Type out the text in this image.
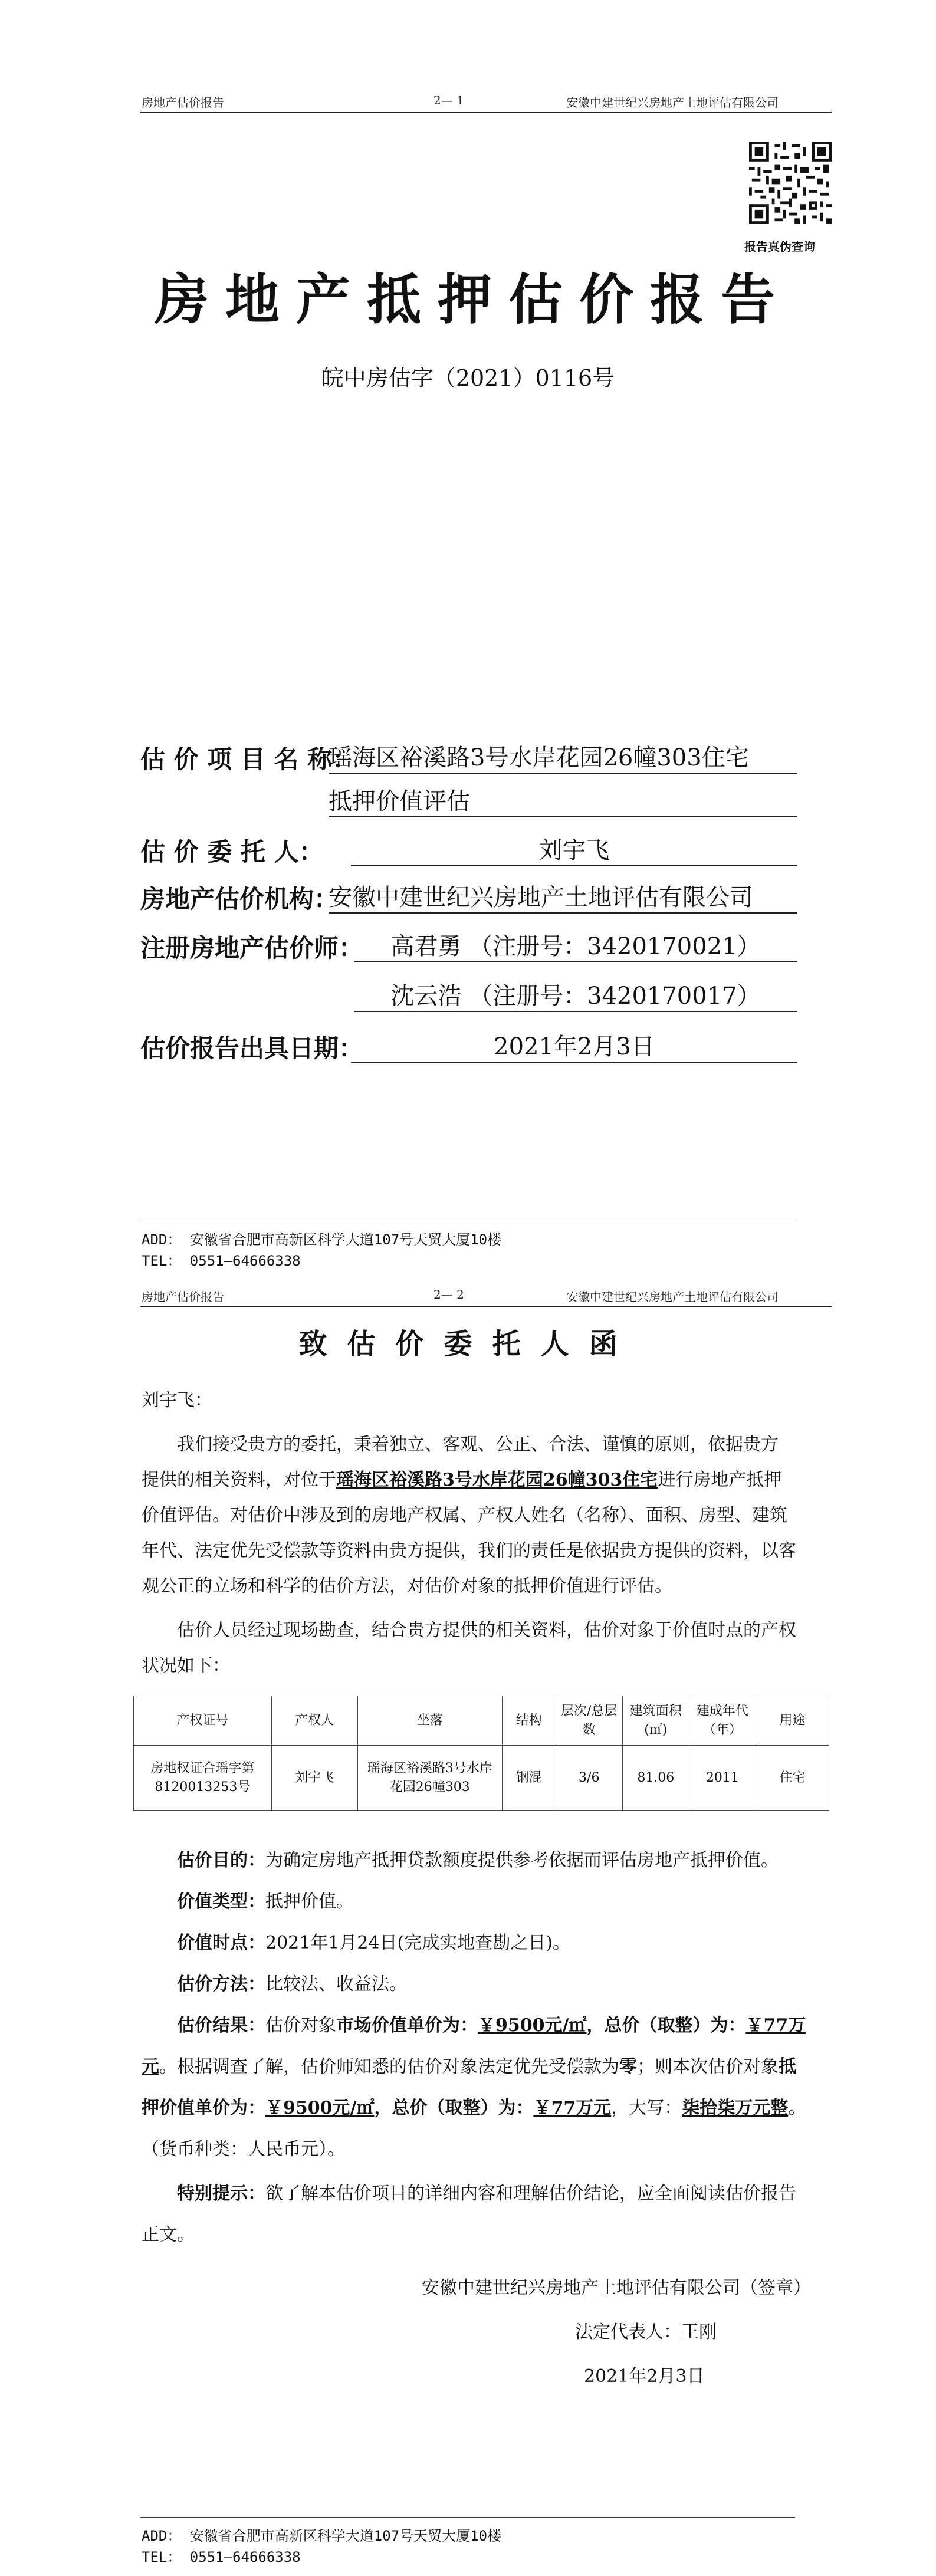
房地产估价报告	2— 1	安徽中建世纪兴房地产土地评估有限公司
报告真伪查询
房地产抵押估价报告
皖中房估字（2021）0116号
估 价 项 目 名 称：
瑶海区裕溪路3号水岸花园26幢303住宅
抵押价值评估
估 价 委 托 人：	刘宇飞
房地产估价机构：
安徽中建世纪兴房地产土地评估有限公司
注册房地产估价师：	高君勇 （注册号：3420170021）
沈云浩 （注册号：3420170017）
估价报告出具日期：	2021年2月3日
ADD： 安徽省合肥市高新区科学大道107号天贸大厦10楼
TEL： 0551—64666338
房地产估价报告	2— 2	安徽中建世纪兴房地产土地评估有限公司
致估价委托人函
刘宇飞：
我们接受贵方的委托，秉着独立、客观、公正、合法、谨慎的原则，依据贵方
提供的相关资料，对位于瑶海区裕溪路3号水岸花园26幢303住宅进行房地产抵押
价值评估。对估价中涉及到的房地产权属、产权人姓名（名称）、面积、房型、建筑
年代、法定优先受偿款等资料由贵方提供，我们的责任是依据贵方提供的资料，以客
观公正的立场和科学的估价方法，对估价对象的抵押价值进行评估。
估价人员经过现场勘查，结合贵方提供的相关资料，估价对象于价值时点的产权
状况如下：
产权证号	产权人	坐落	结构	层次/总层数	建筑面积(㎡)	建成年代（年）	用途
房地权证合瑶字第8120013253号	刘宇飞	瑶海区裕溪路3号水岸花园26幢303	钢混	3/6	81.06	2011	住宅
估价目的：为确定房地产抵押贷款额度提供参考依据而评估房地产抵押价值。
价值类型：抵押价值。
价值时点：2021年1月24日(完成实地查勘之日)。
估价方法：比较法、收益法。
估价结果：估价对象市场价值单价为：￥9500元/㎡，总价（取整）为：￥77万
元。根据调查了解，估价师知悉的估价对象法定优先受偿款为零；则本次估价对象抵
押价值单价为：￥9500元/㎡，总价（取整）为：￥77万元，大写：柒拾柒万元整。
（货币种类：人民币元）。
特别提示：欲了解本估价项目的详细内容和理解估价结论，应全面阅读估价报告
正文。
安徽中建世纪兴房地产土地评估有限公司（签章）
法定代表人：王刚
2021年2月3日
ADD： 安徽省合肥市高新区科学大道107号天贸大厦10楼
TEL： 0551—64666338
